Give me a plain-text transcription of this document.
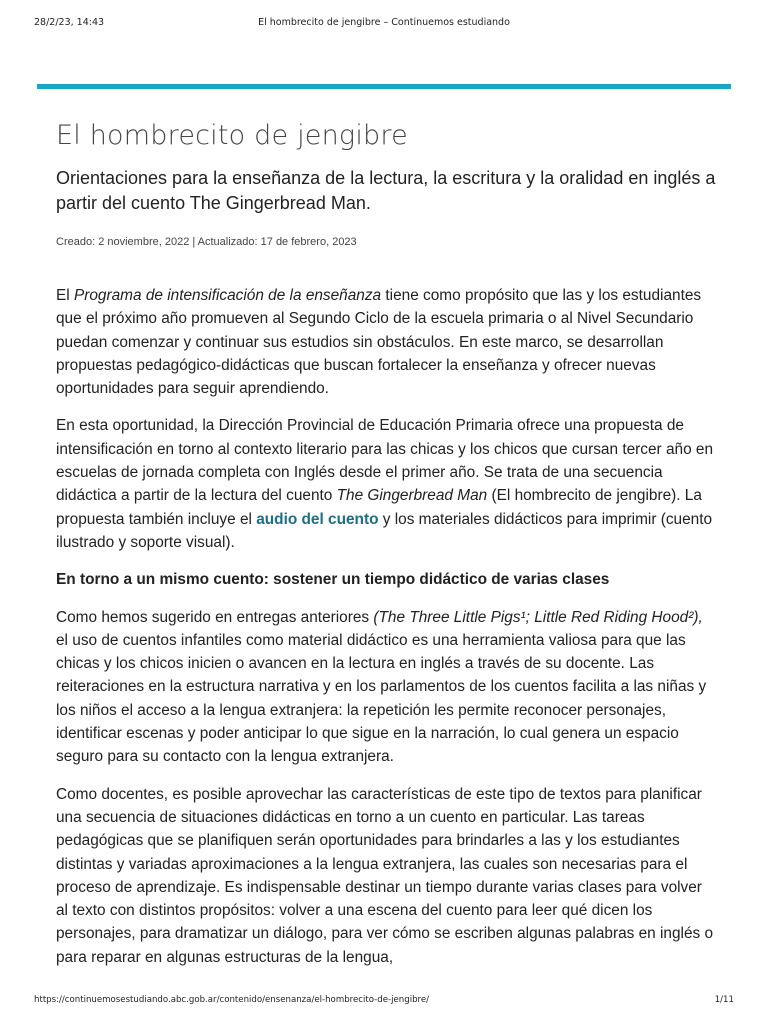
28/2/23, 14:43	El hombrecito de jengibre – Continuemos estudiando
El hombrecito de jengibre

Orientaciones para la enseñanza de la lectura, la escritura y la oralidad en inglés a partir del cuento The Gingerbread Man.

Creado: 2 noviembre, 2022 | Actualizado: 17 de febrero, 2023

El Programa de intensificación de la enseñanza tiene como propósito que las y los estudiantes que el próximo año promueven al Segundo Ciclo de la escuela primaria o al Nivel Secundario puedan comenzar y continuar sus estudios sin obstáculos. En este marco, se desarrollan propuestas pedagógico-didácticas que buscan fortalecer la enseñanza y ofrecer nuevas oportunidades para seguir aprendiendo.

En esta oportunidad, la Dirección Provincial de Educación Primaria ofrece una propuesta de intensificación en torno al contexto literario para las chicas y los chicos que cursan tercer año en escuelas de jornada completa con Inglés desde el primer año. Se trata de una secuencia didáctica a partir de la lectura del cuento The Gingerbread Man (El hombrecito de jengibre). La propuesta también incluye el audio del cuento y los materiales didácticos para imprimir (cuento ilustrado y soporte visual).

En torno a un mismo cuento: sostener un tiempo didáctico de varias clases

Como hemos sugerido en entregas anteriores (The Three Little Pigs¹; Little Red Riding Hood²), el uso de cuentos infantiles como material didáctico es una herramienta valiosa para que las chicas y los chicos inicien o avancen en la lectura en inglés a través de su docente. Las reiteraciones en la estructura narrativa y en los parlamentos de los cuentos facilita a las niñas y los niños el acceso a la lengua extranjera: la repetición les permite reconocer personajes, identificar escenas y poder anticipar lo que sigue en la narración, lo cual genera un espacio seguro para su contacto con la lengua extranjera.

Como docentes, es posible aprovechar las características de este tipo de textos para planificar una secuencia de situaciones didácticas en torno a un cuento en particular. Las tareas pedagógicas que se planifiquen serán oportunidades para brindarles a las y los estudiantes distintas y variadas aproximaciones a la lengua extranjera, las cuales son necesarias para el proceso de aprendizaje. Es indispensable destinar un tiempo durante varias clases para volver al texto con distintos propósitos: volver a una escena del cuento para leer qué dicen los personajes, para dramatizar un diálogo, para ver cómo se escriben algunas palabras en inglés o para reparar en algunas estructuras de la lengua,

https://continuemosestudiando.abc.gob.ar/contenido/ensenanza/el-hombrecito-de-jengibre/	1/11
